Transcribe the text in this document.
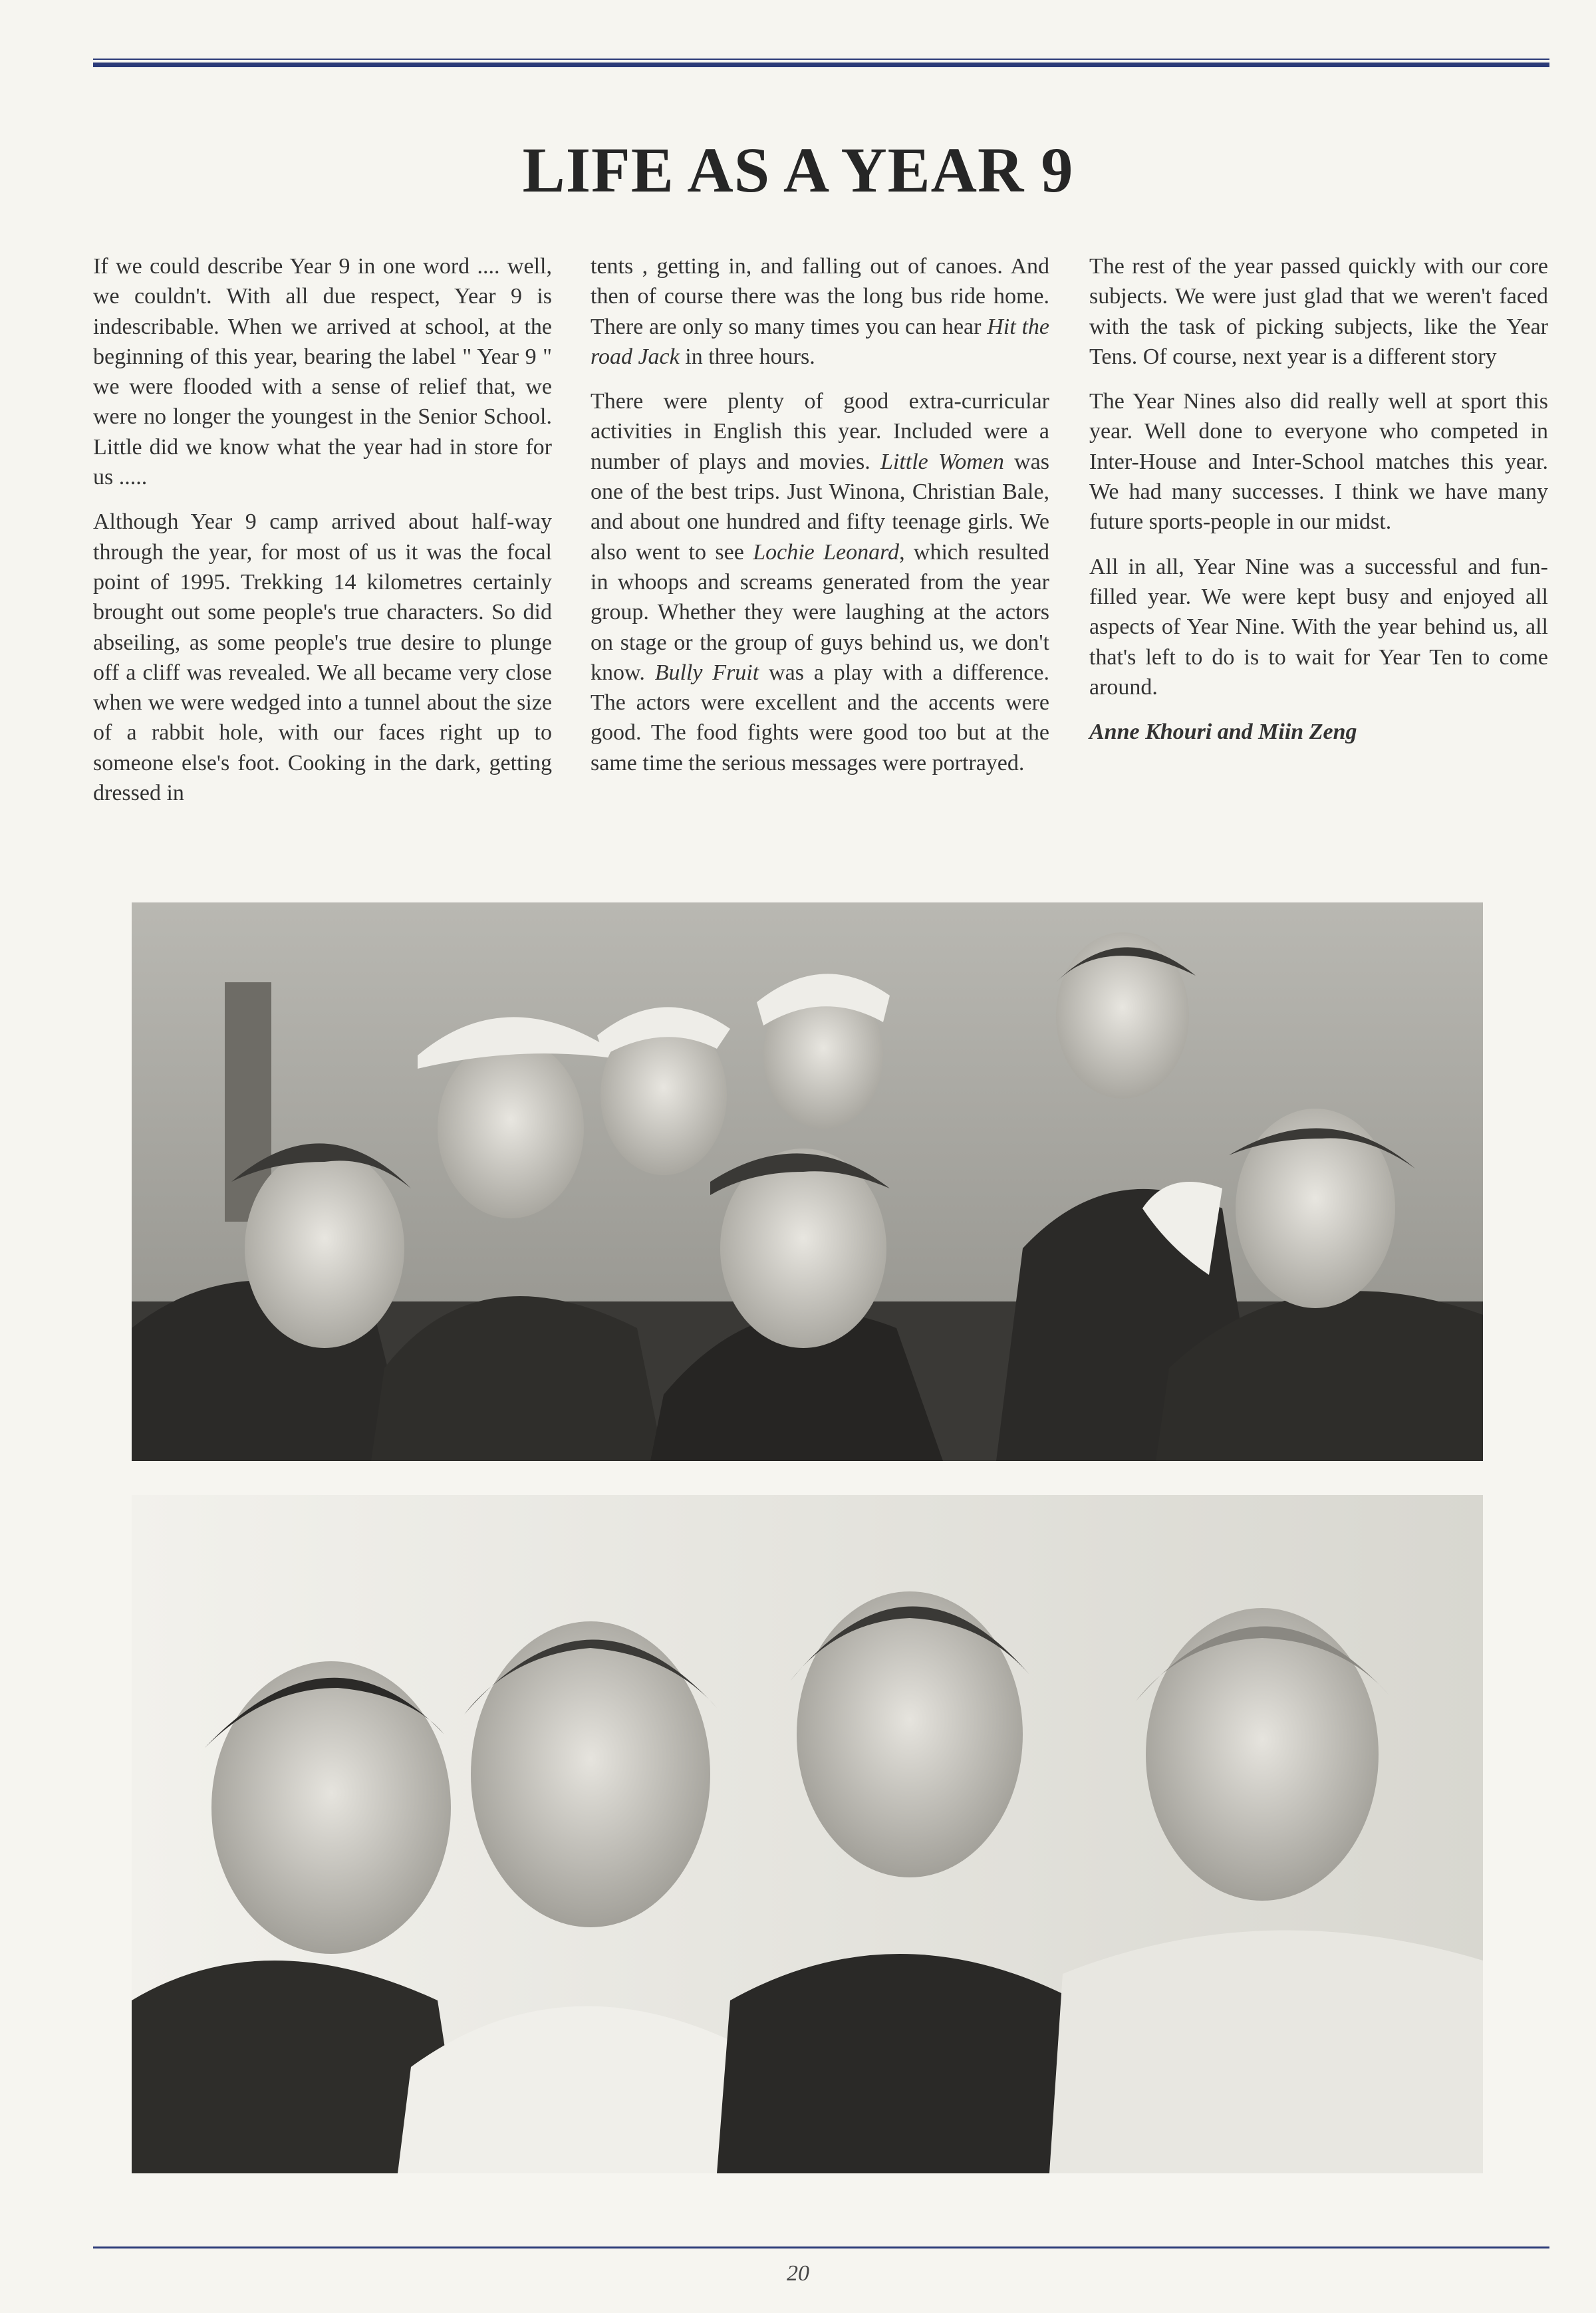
LIFE AS A YEAR 9

If we could describe Year 9 in one word .... well, we couldn't. With all due respect, Year 9 is indescribable. When we arrived at school, at the beginning of this year, bearing the label " Year 9 " we were flooded with a sense of relief that, we were no longer the youngest in the Senior School. Little did we know what the year had in store for us .....

Although Year 9 camp arrived about half-way through the year, for most of us it was the focal point of 1995. Trekking 14 kilometres certainly brought out some people's true characters. So did abseiling, as some people's true desire to plunge off a cliff was revealed. We all became very close when we were wedged into a tunnel about the size of a rabbit hole, with our faces right up to someone else's foot. Cooking in the dark, getting dressed in

tents , getting in, and falling out of canoes. And then of course there was the long bus ride home. There are only so many times you can hear Hit the road Jack in three hours.

There were plenty of good extra-curricular activities in English this year. Included were a number of plays and movies. Little Women was one of the best trips. Just Winona, Christian Bale, and about one hundred and fifty teenage girls. We also went to see Lochie Leonard, which resulted in whoops and screams generated from the year group. Whether they were laughing at the actors on stage or the group of guys behind us, we don't know. Bully Fruit was a play with a difference. The actors were excellent and the accents were good. The food fights were good too but at the same time the serious messages were portrayed.

The rest of the year passed quickly with our core subjects. We were just glad that we weren't faced with the task of picking subjects, like the Year Tens. Of course, next year is a different story

The Year Nines also did really well at sport this year. Well done to everyone who competed in Inter-House and Inter-School matches this year. We had many successes. I think we have many future sports-people in our midst.

All in all, Year Nine was a successful and fun-filled year. We were kept busy and enjoyed all aspects of Year Nine. With the year behind us, all that's left to do is to wait for Year Ten to come around.

Anne Khouri and Miin Zeng

20
